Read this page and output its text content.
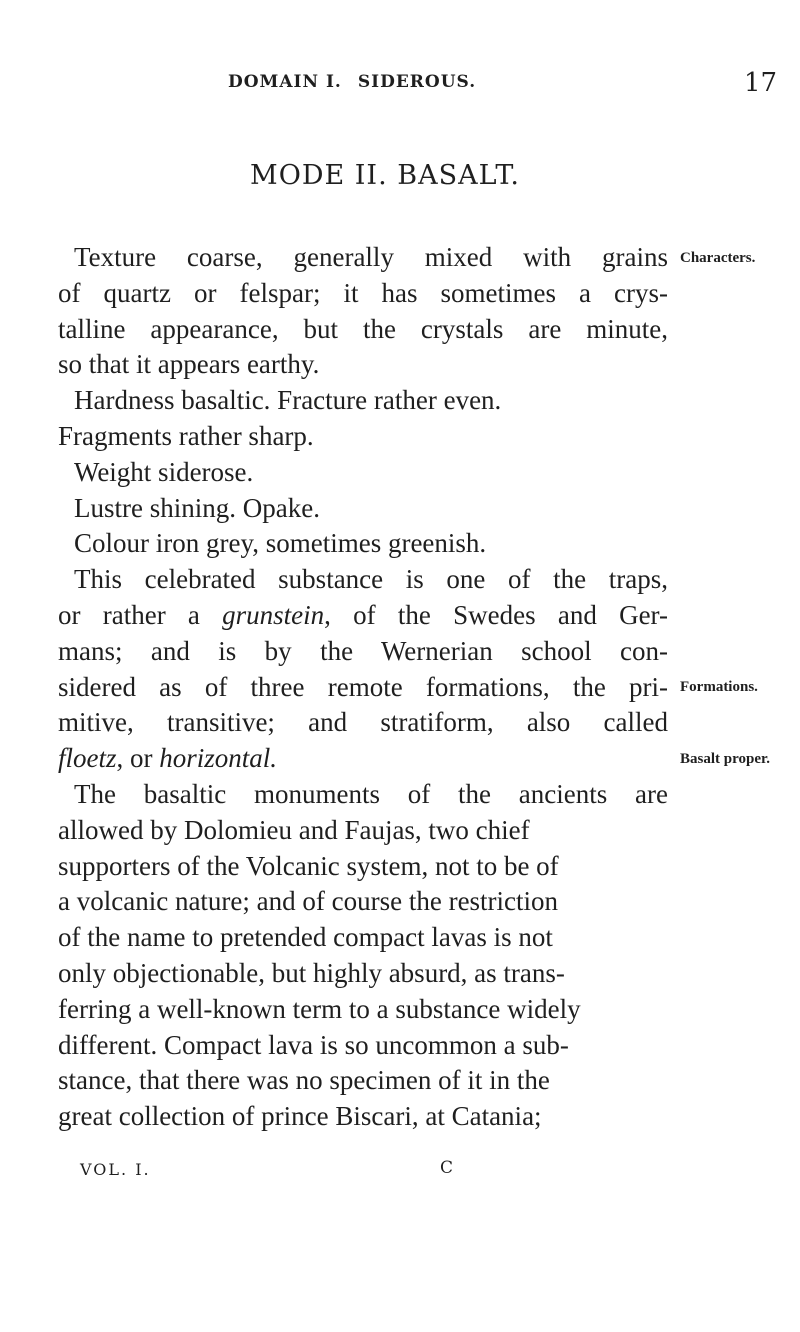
DOMAIN I. SIDEROUS.	17
MODE II. BASALT.
Texture coarse, generally mixed with grains
of quartz or felspar; it has sometimes a crys-
talline appearance, but the crystals are minute,
so that it appears earthy.
Hardness basaltic. Fracture rather even.
Fragments rather sharp.
Weight siderose.
Lustre shining. Opake.
Colour iron grey, sometimes greenish.
This celebrated substance is one of the traps,
or rather a grunstein, of the Swedes and Ger-
mans; and is by the Wernerian school con-
sidered as of three remote formations, the pri-
mitive, transitive; and stratiform, also called
floetz, or horizontal.
The basaltic monuments of the ancients are
allowed by Dolomieu and Faujas, two chief
supporters of the Volcanic system, not to be of
a volcanic nature; and of course the restriction
of the name to pretended compact lavas is not
only objectionable, but highly absurd, as trans-
ferring a well-known term to a substance widely
different. Compact lava is so uncommon a sub-
stance, that there was no specimen of it in the
great collection of prince Biscari, at Catania;
Characters.
Formations.
Basalt proper.
VOL. I.	C
